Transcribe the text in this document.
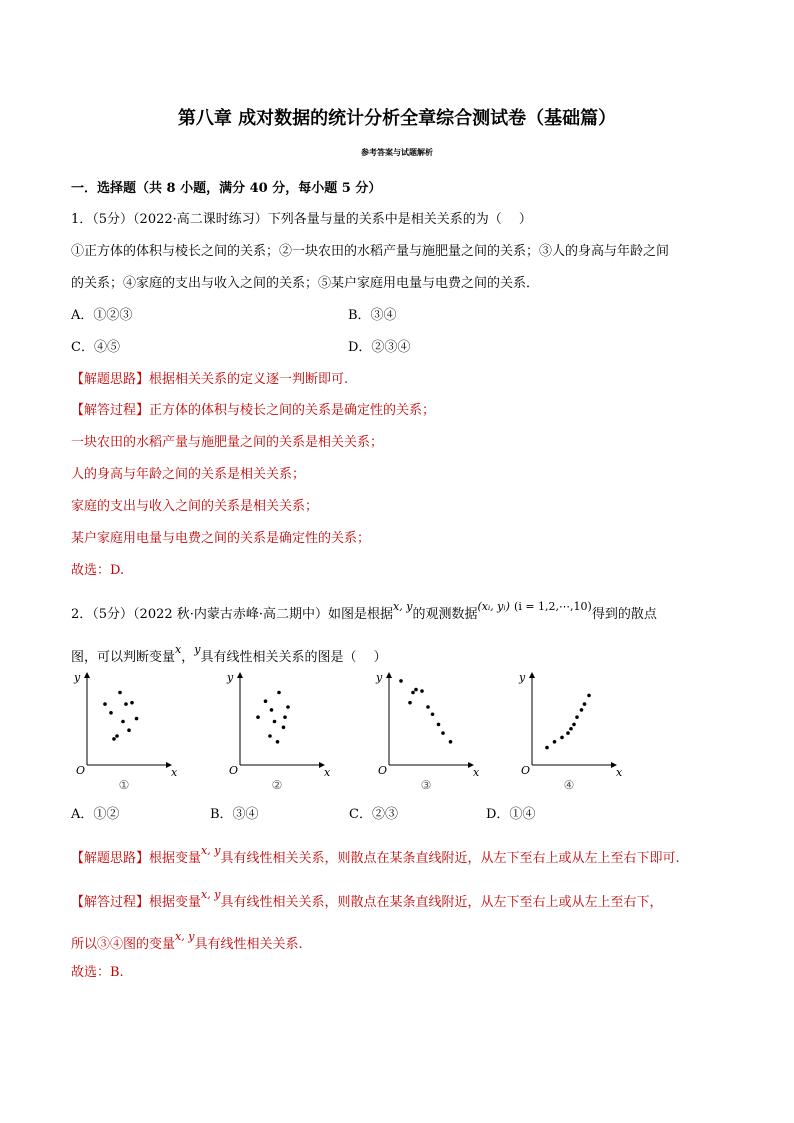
第八章 成对数据的统计分析全章综合测试卷（基础篇）
参考答案与试题解析
一．选择题（共 8 小题，满分 40 分，每小题 5 分）
1．（5分）（2022·高二课时练习）下列各量与量的关系中是相关关系的为（　 ）
①正方体的体积与棱长之间的关系；②一块农田的水稻产量与施肥量之间的关系；③人的身高与年龄之间
的关系；④家庭的支出与收入之间的关系；⑤某户家庭用电量与电费之间的关系．
A．①②③	B．③④
C．④⑤	D．②③④
【解题思路】根据相关关系的定义逐一判断即可.
【解答过程】正方体的体积与棱长之间的关系是确定性的关系；
一块农田的水稻产量与施肥量之间的关系是相关关系；
人的身高与年龄之间的关系是相关关系；
家庭的支出与收入之间的关系是相关关系；
某户家庭用电量与电费之间的关系是确定性的关系；
故选：D.
2．（5分）（2022 秋·内蒙古赤峰·高二期中）如图是根据$^{x, y}$的观测数据$^{(xᵢ, yᵢ)}$ $^{(i = 1,2,\cdots,10)}$得到的散点
图，可以判断变量$^x$，$^y$具有线性相关关系的图是（　 ）
O	x
y
①
O	x
y
②
O	x
y
③
O	x
y
④
A．①②	B．③④	C．②③	D．①④
【解题思路】根据变量$^{x, y}$具有线性相关关系，则散点在某条直线附近，从左下至右上或从左上至右下即可.
【解答过程】根据变量$^{x, y}$具有线性相关关系，则散点在某条直线附近，从左下至右上或从左上至右下，
所以③④图的变量$^{x, y}$具有线性相关关系.
故选：B.
